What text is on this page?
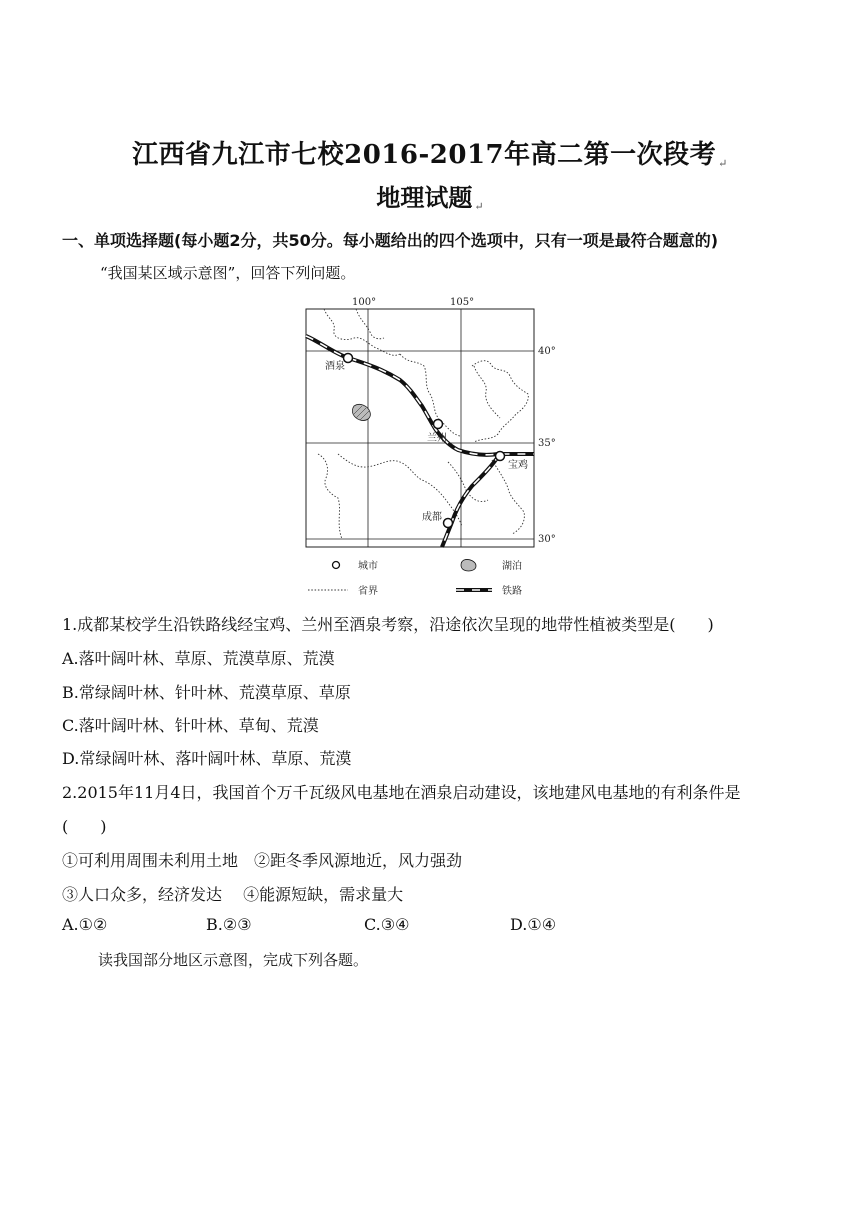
江西省九江市七校2016-2017年高二第一次段考 ↵
地理试题 ↵
一、单项选择题(每小题2分，共50分。每小题给出的四个选项中，只有一项是最符合题意的)
“我国某区域示意图”，回答下列问题。
100°	105°
40°
35°
30°
酒泉
兰州
宝鸡
成都
城市	湖泊
省界	铁路
1.成都某校学生沿铁路线经宝鸡、兰州至酒泉考察，沿途依次呈现的地带性植被类型是(　　)
A.落叶阔叶林、草原、荒漠草原、荒漠
B.常绿阔叶林、针叶林、荒漠草原、草原
C.落叶阔叶林、针叶林、草甸、荒漠
D.常绿阔叶林、落叶阔叶林、草原、荒漠
2.2015年11月4日，我国首个万千瓦级风电基地在酒泉启动建设，该地建风电基地的有利条件是
(　　)
①可利用周围未利用土地　②距冬季风源地近，风力强劲
③人口众多，经济发达　 ④能源短缺，需求量大
A.①②	B.②③	C.③④	D.①④
读我国部分地区示意图，完成下列各题。
